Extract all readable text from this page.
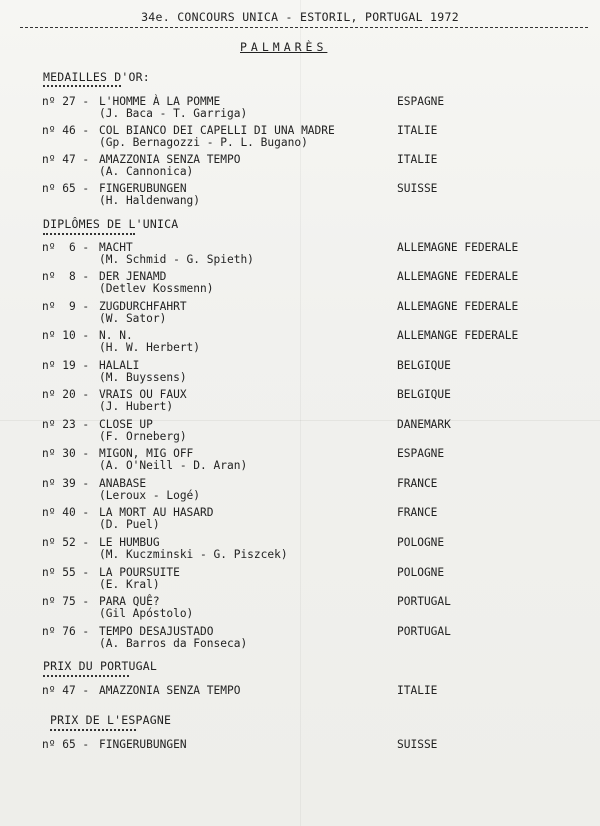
34e. CONCOURS UNICA - ESTORIL, PORTUGAL 1972
PALMARÈS
MEDAILLES D'OR:
nº 27 - L'HOMME À LA POMME
(J. Baca - T. Garriga)
ESPAGNE
nº 46 - COL BIANCO DEI CAPELLI DI UNA MADRE
(Gp. Bernagozzi - P. L. Bugano)
ITALIE
nº 47 - AMAZZONIA SENZA TEMPO
(A. Cannonica)
ITALIE
nº 65 - FINGERUBUNGEN
(H. Haldenwang)
SUISSE
DIPLÔMES DE L'UNICA
nº  6 - MACHT
(M. Schmid - G. Spieth)
ALLEMAGNE FEDERALE
nº  8 - DER JENAMD
(Detlev Kossmenn)
ALLEMAGNE FEDERALE
nº  9 - ZUGDURCHFAHRT
(W. Sator)
ALLEMAGNE FEDERALE
nº 10 - N. N.
(H. W. Herbert)
ALLEMANGE FEDERALE
nº 19 - HALALI
(M. Buyssens)
BELGIQUE
nº 20 - VRAIS OU FAUX
(J. Hubert)
BELGIQUE
nº 23 - CLOSE UP
(F. Orneberg)
DANEMARK
nº 30 - MIGON, MIG OFF
(A. O'Neill - D. Aran)
ESPAGNE
nº 39 - ANABASE
(Leroux - Logé)
FRANCE
nº 40 - LA MORT AU HASARD
(D. Puel)
FRANCE
nº 52 - LE HUMBUG
(M. Kuczminski - G. Piszcek)
POLOGNE
nº 55 - LA POURSUITE
(E. Kral)
POLOGNE
nº 75 - PARA QUÊ?
(Gil Apóstolo)
PORTUGAL
nº 76 - TEMPO DESAJUSTADO
(A. Barros da Fonseca)
PORTUGAL
PRIX DU PORTUGAL
nº 47 - AMAZZONIA SENZA TEMPO	ITALIE
PRIX DE L'ESPAGNE
nº 65 - FINGERUBUNGEN	SUISSE
